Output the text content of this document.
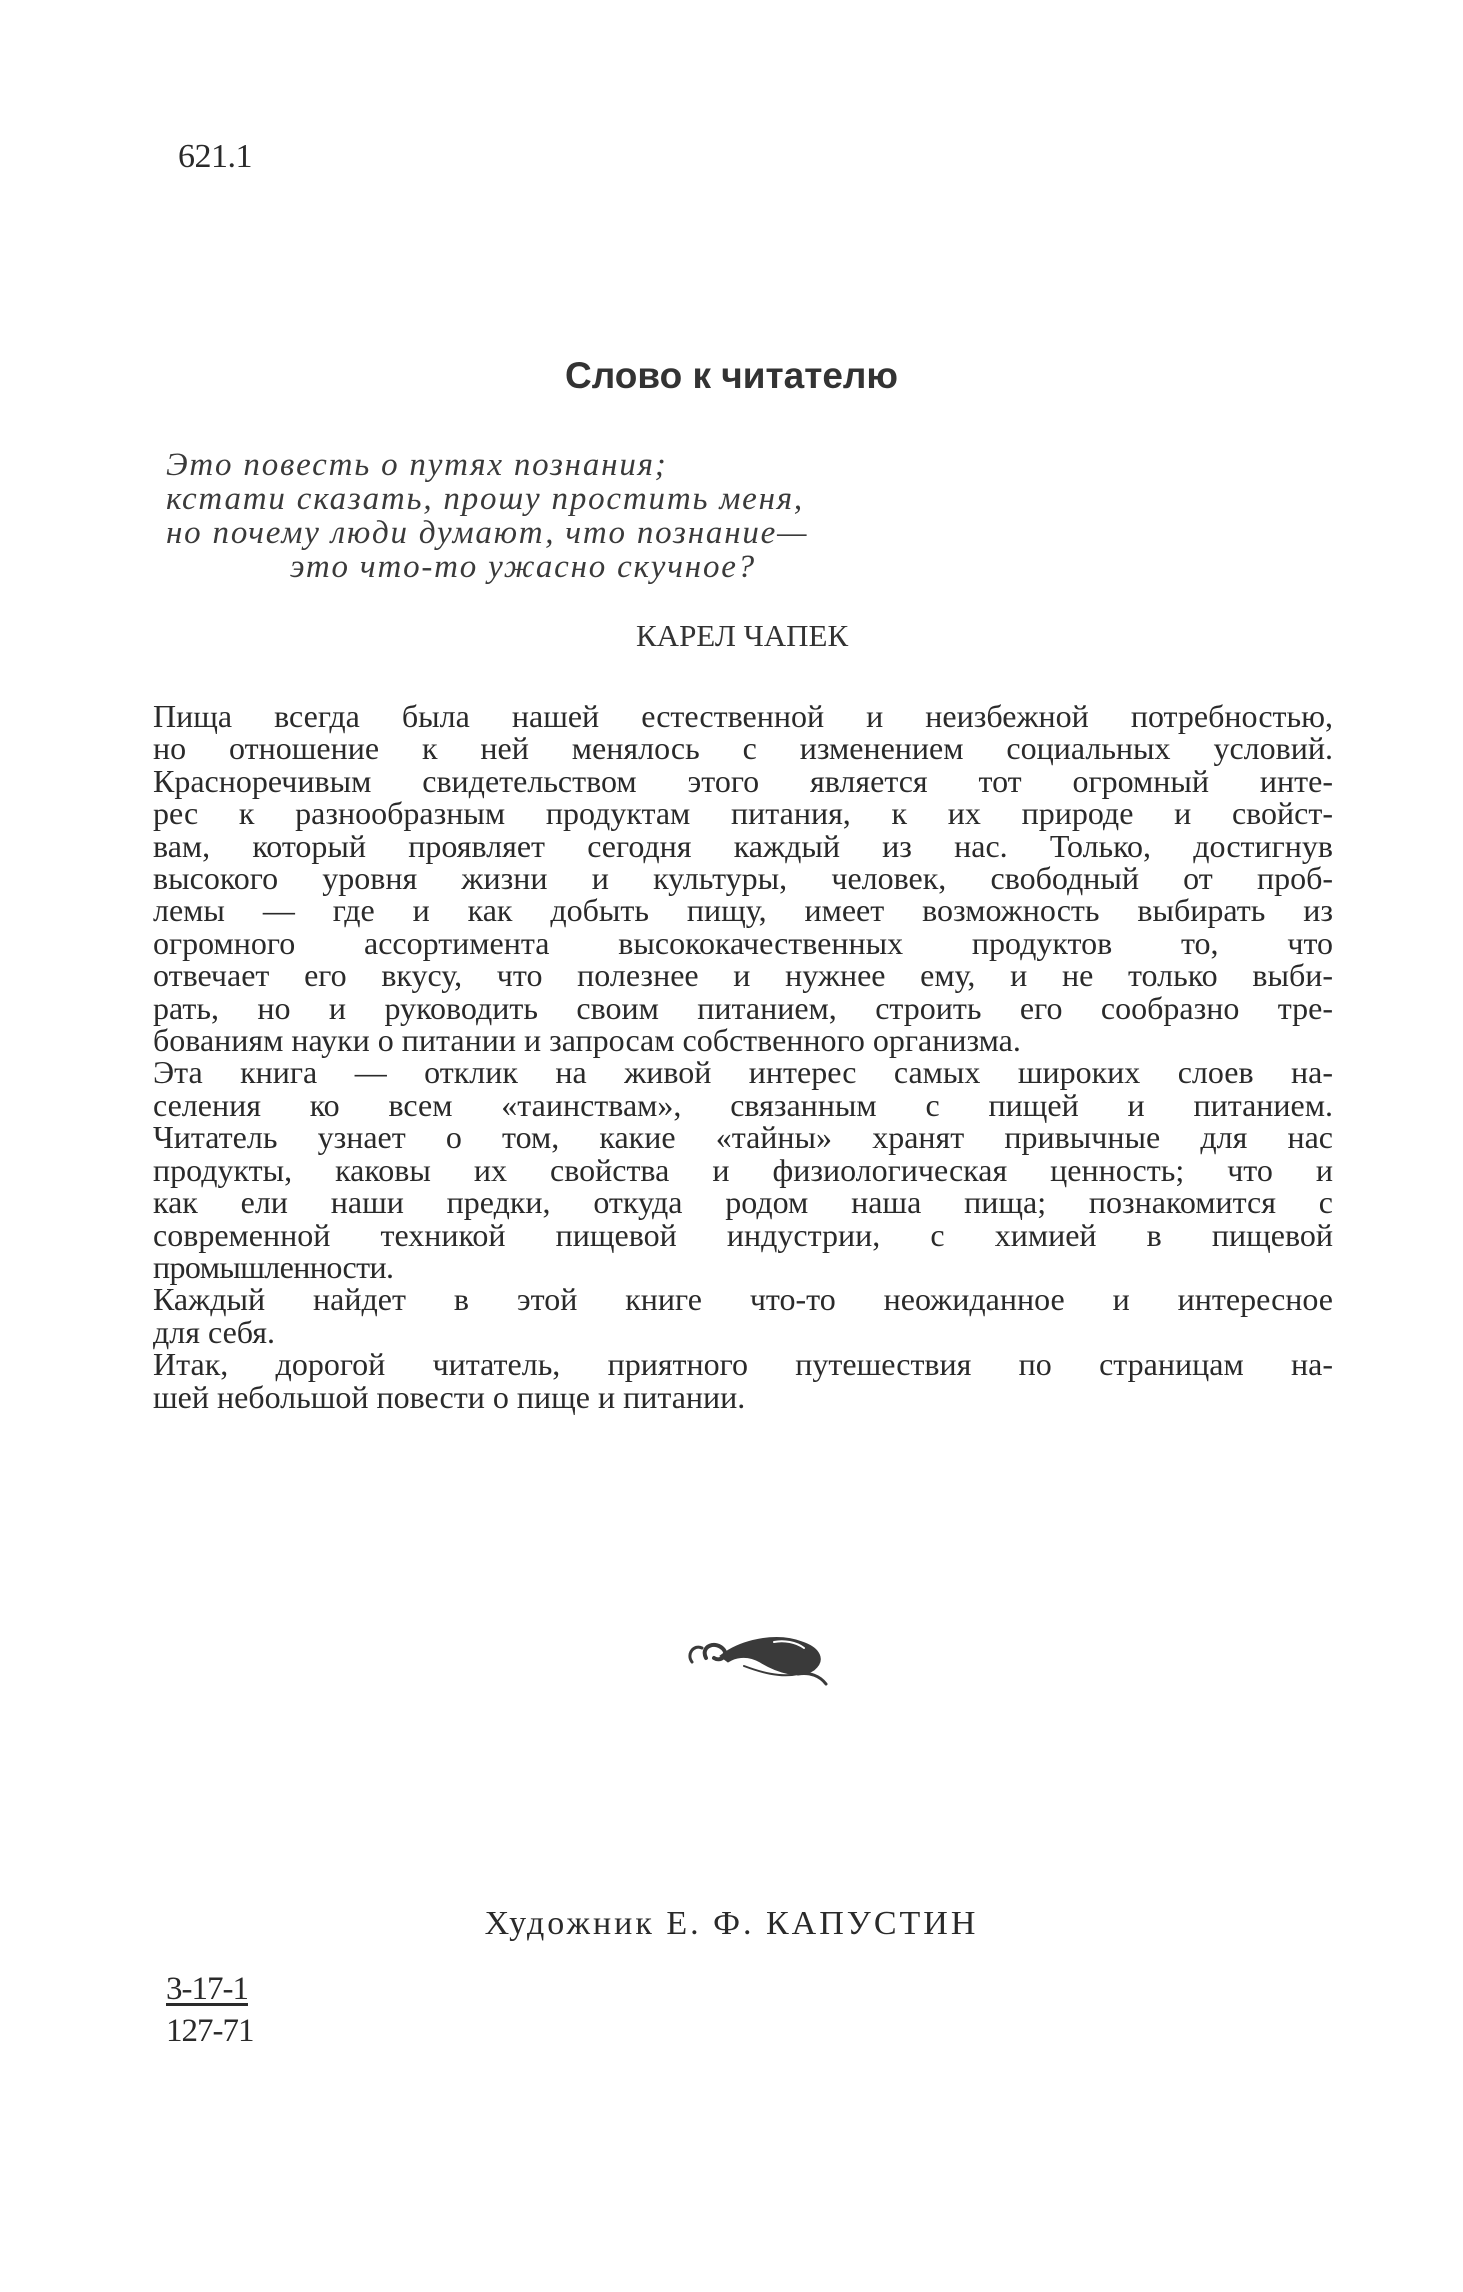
621.1
Слово к читателю
Это повесть о путях познания;
кстати сказать, прошу простить меня,
но почему люди думают, что познание—
это что-то ужасно скучное?
КАРЕЛ ЧАПЕК
Пища всегда была нашей естественной и неизбежной потребностью,
но отношение к ней менялось с изменением социальных условий.
Красноречивым свидетельством этого является тот огромный инте-
рес к разнообразным продуктам питания, к их природе и свойст-
вам, который проявляет сегодня каждый из нас. Только, достигнув
высокого уровня жизни и культуры, человек, свободный от проб-
лемы — где и как добыть пищу, имеет возможность выбирать из
огромного ассортимента высококачественных продуктов то, что
отвечает его вкусу, что полезнее и нужнее ему, и не только выби-
рать, но и руководить своим питанием, строить его сообразно тре-
бованиям науки о питании и запросам собственного организма.
Эта книга — отклик на живой интерес самых широких слоев на-
селения ко всем «таинствам», связанным с пищей и питанием.
Читатель узнает о том, какие «тайны» хранят привычные для нас
продукты, каковы их свойства и физиологическая ценность; что и
как ели наши предки, откуда родом наша пища; познакомится с
современной техникой пищевой индустрии, с химией в пищевой
промышленности.
Каждый найдет в этой книге что-то неожиданное и интересное
для себя.
Итак, дорогой читатель, приятного путешествия по страницам на-
шей небольшой повести о пище и питании.
Художник Е. Ф. КАПУСТИН
3-17-1
127-71
